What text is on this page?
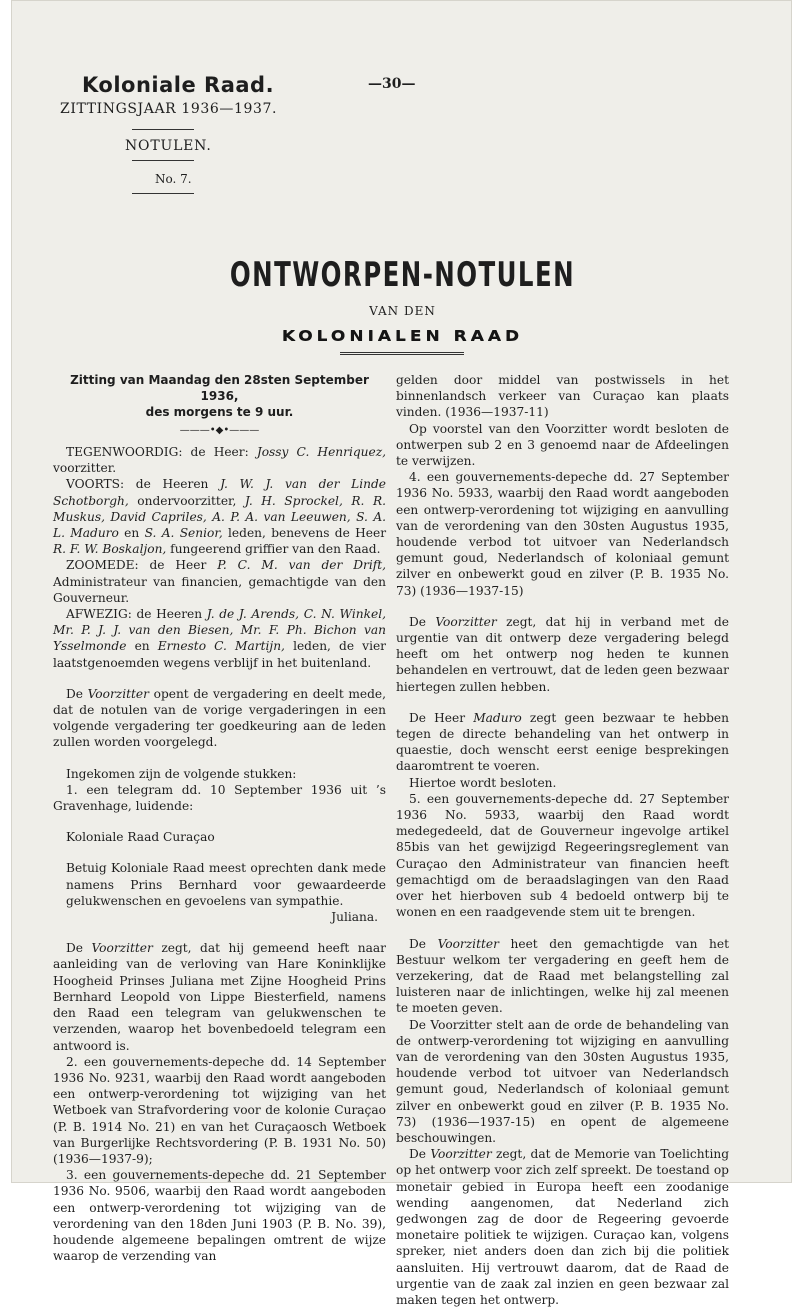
Koloniale Raad.
ZITTINGSJAAR 1936—1937.
—30—
NOTULEN.
No. 7.
ONTWORPEN-NOTULEN
VAN DEN
KOLONIALEN RAAD
Zitting van Maandag den 28sten September 1936,
des morgens te 9 uur.
———•◆•———

TEGENWOORDIG: de Heer: Jossy C. Henriquez, voorzitter.

VOORTS: de Heeren J. W. J. van der Linde Schotborgh, ondervoorzitter, J. H. Sprockel, R. R. Muskus, David Capriles, A. P. A. van Leeuwen, S. A. L. Maduro en S. A. Senior, leden, benevens de Heer R. F. W. Boskaljon, fungeerend griffier van den Raad.

ZOOMEDE: de Heer P. C. M. van der Drift, Administrateur van financien, gemachtigde van den Gouverneur.

AFWEZIG: de Heeren J. de J. Arends, C. N. Winkel, Mr. P. J. J. van den Biesen, Mr. F. Ph. Bichon van Ysselmonde en Ernesto C. Martijn, leden, de vier laatstgenoemden wegens verblijf in het buitenland.

De Voorzitter opent de vergadering en deelt mede, dat de notulen van de vorige vergaderingen in een volgende vergadering ter goedkeuring aan de leden zullen worden voorgelegd.

Ingekomen zijn de volgende stukken:

1. een telegram dd. 10 September 1936 uit ’s Gravenhage, luidende:

Koloniale Raad Curaçao

Betuig Koloniale Raad meest oprechten dank mede namens Prins Bernhard voor gewaardeerde gelukwenschen en gevoelens van sympathie.

Juliana.

De Voorzitter zegt, dat hij gemeend heeft naar aanleiding van de verloving van Hare Koninklijke Hoogheid Prinses Juliana met Zijne Hoogheid Prins Bernhard Leopold von Lippe Biesterfield, namens den Raad een telegram van gelukwenschen te verzenden, waarop het bovenbedoeld telegram een antwoord is.

2. een gouvernements-depeche dd. 14 September 1936 No. 9231, waarbij den Raad wordt aangeboden een ontwerp-verordening tot wijziging van het Wetboek van Strafvordering voor de kolonie Curaçao (P. B. 1914 No. 21) en van het Curaçaosch Wetboek van Burgerlijke Rechtsvordering (P. B. 1931 No. 50) (1936—1937-9);

3. een gouvernements-depeche dd. 21 September 1936 No. 9506, waarbij den Raad wordt aangeboden een ontwerp-verordening tot wijziging van de verordening van den 18den Juni 1903 (P. B. No. 39), houdende algemeene bepalingen omtrent de wijze waarop de verzending van

gelden door middel van postwissels in het binnenlandsch verkeer van Curaçao kan plaats vinden. (1936—1937-11)

Op voorstel van den Voorzitter wordt besloten de ontwerpen sub 2 en 3 genoemd naar de Afdeelingen te verwijzen.

4. een gouvernements-depeche dd. 27 September 1936 No. 5933, waarbij den Raad wordt aangeboden een ontwerp-verordening tot wijziging en aanvulling van de verordening van den 30sten Augustus 1935, houdende verbod tot uitvoer van Nederlandsch gemunt goud, Nederlandsch of koloniaal gemunt zilver en onbewerkt goud en zilver (P. B. 1935 No. 73) (1936—1937-15)

De Voorzitter zegt, dat hij in verband met de urgentie van dit ontwerp deze vergadering belegd heeft om het ontwerp nog heden te kunnen behandelen en vertrouwt, dat de leden geen bezwaar hiertegen zullen hebben.

De Heer Maduro zegt geen bezwaar te hebben tegen de directe behandeling van het ontwerp in quaestie, doch wenscht eerst eenige besprekingen daaromtrent te voeren.

Hiertoe wordt besloten.

5. een gouvernements-depeche dd. 27 September 1936 No. 5933, waarbij den Raad wordt medegedeeld, dat de Gouverneur ingevolge artikel 85bis van het gewijzigd Regeeringsreglement van Curaçao den Administrateur van financien heeft gemachtigd om de beraadslagingen van den Raad over het hierboven sub 4 bedoeld ontwerp bij te wonen en een raadgevende stem uit te brengen.

De Voorzitter heet den gemachtigde van het Bestuur welkom ter vergadering en geeft hem de verzekering, dat de Raad met belangstelling zal luisteren naar de inlichtingen, welke hij zal meenen te moeten geven.

De Voorzitter stelt aan de orde de behandeling van de ontwerp-verordening tot wijziging en aanvulling van de verordening van den 30sten Augustus 1935, houdende verbod tot uitvoer van Nederlandsch gemunt goud, Nederlandsch of koloniaal gemunt zilver en onbewerkt goud en zilver (P. B. 1935 No. 73) (1936—1937-15) en opent de algemeene beschouwingen.

De Voorzitter zegt, dat de Memorie van Toelichting op het ontwerp voor zich zelf spreekt. De toestand op monetair gebied in Europa heeft een zoodanige wending aangenomen, dat Nederland zich gedwongen zag de door de Regeering gevoerde monetaire politiek te wijzigen. Curaçao kan, volgens spreker, niet anders doen dan zich bij die politiek aansluiten. Hij vertrouwt daarom, dat de Raad de urgentie van de zaak zal inzien en geen bezwaar zal maken tegen het ontwerp.
